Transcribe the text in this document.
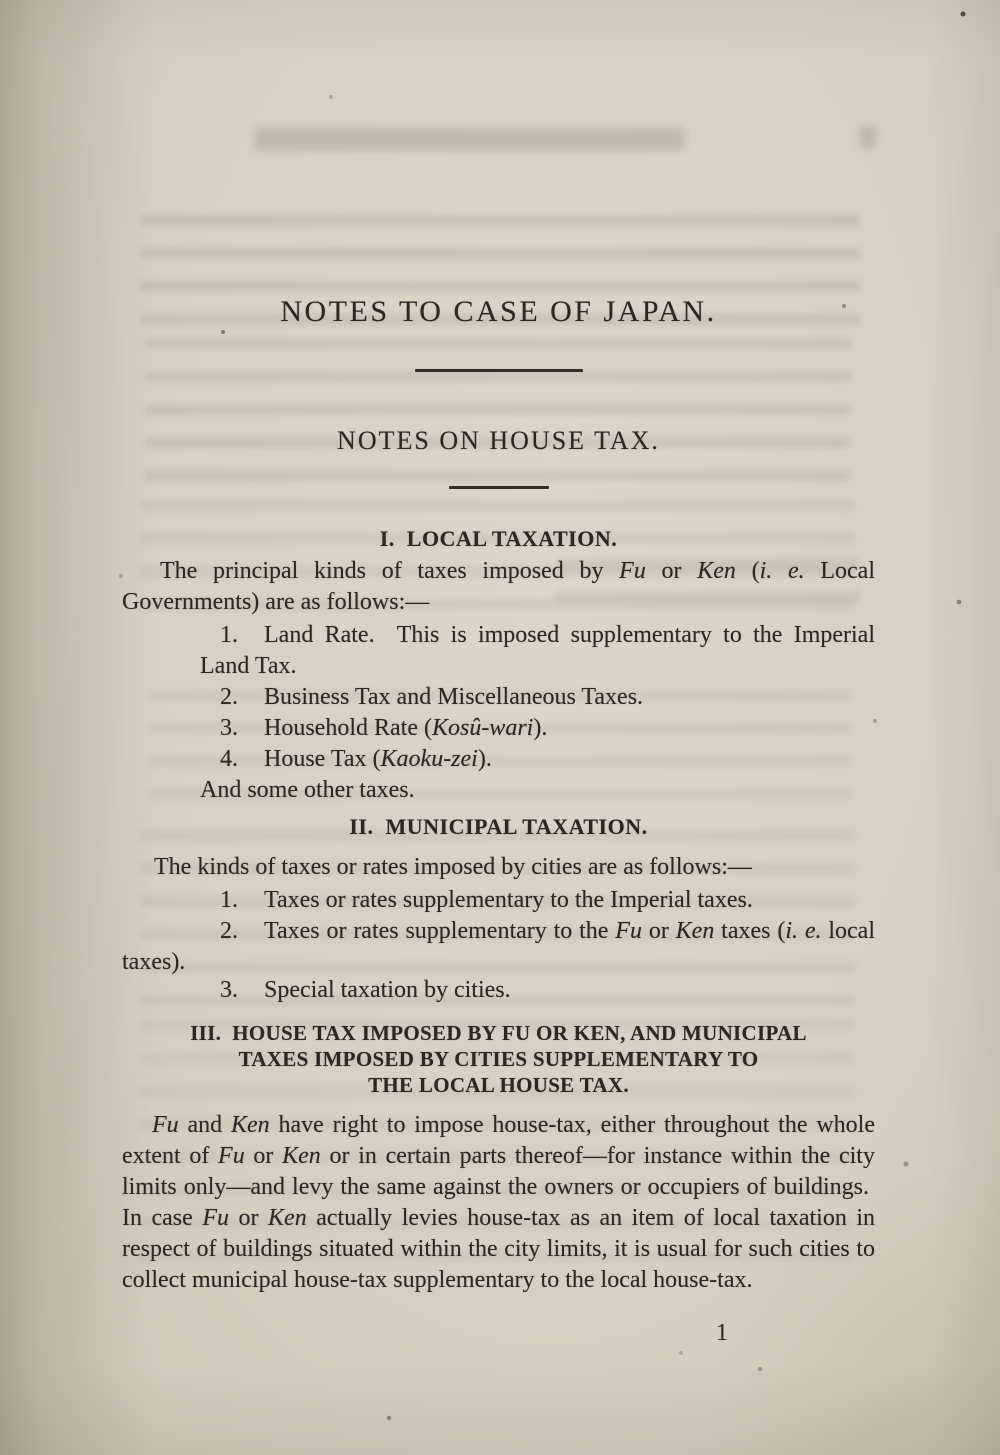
NOTES TO CASE OF JAPAN.
NOTES ON HOUSE TAX.
I.  LOCAL TAXATION.

The principal kinds of taxes imposed by Fu or Ken (i. e. Local Governments) are as follows:—

1. Land Rate.  This is imposed supplementary to the Imperial Land Tax.
2. Business Tax and Miscellaneous Taxes.
3. Household Rate (Kosû-wari).
4. House Tax (Kaoku-zei).

And some other taxes.

II.  MUNICIPAL TAXATION.

The kinds of taxes or rates imposed by cities are as follows:—

1. Taxes or rates supplementary to the Imperial taxes.
2. Taxes or rates supplementary to the Fu or Ken taxes (i. e. local taxes).
3. Special taxation by cities.
III.  HOUSE TAX IMPOSED BY FU OR KEN, AND MUNICIPAL
TAXES IMPOSED BY CITIES SUPPLEMENTARY TO
THE LOCAL HOUSE TAX.

Fu and Ken have right to impose house-tax, either throughout the whole extent of Fu or Ken or in certain parts thereof—for instance within the city limits only—and levy the same against the owners or occupiers of buildings.  In case Fu or Ken actually levies house-tax as an item of local taxation in respect of buildings situated within the city limits, it is usual for such cities to collect municipal house-tax supplementary to the local house-tax.

1
